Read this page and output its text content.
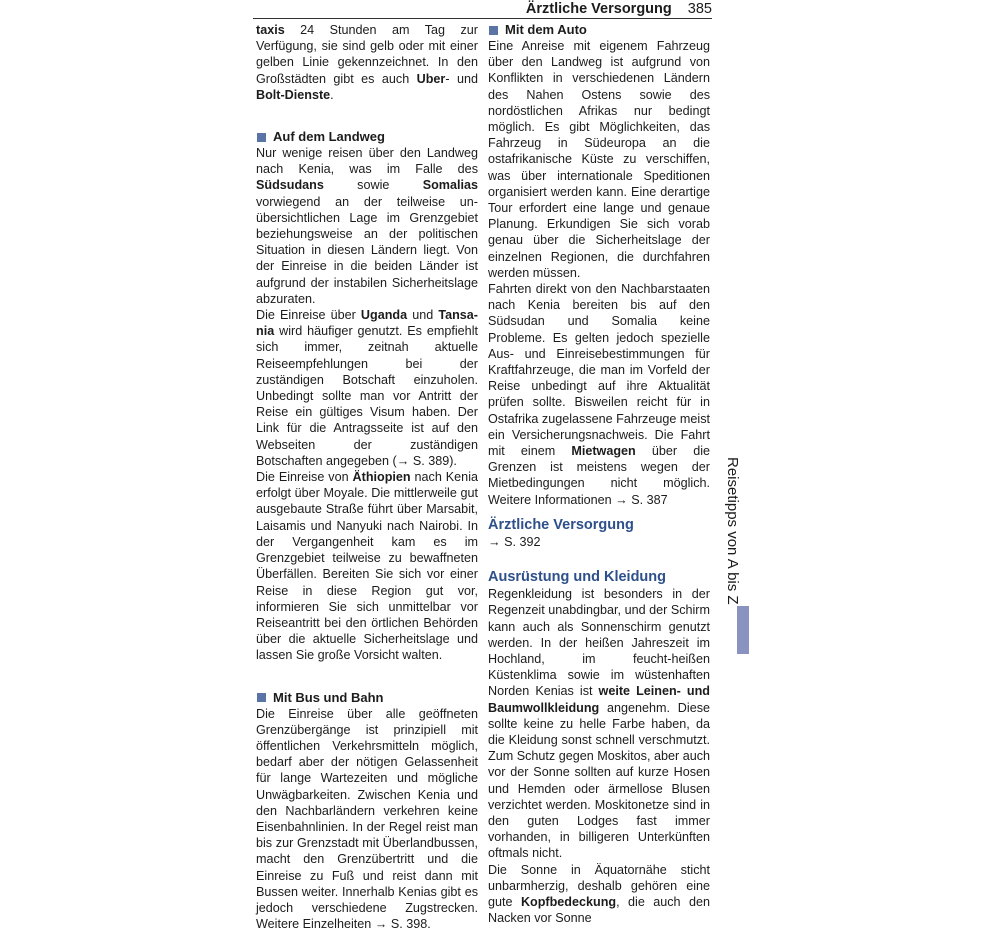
Ärztliche Versorgung 385

taxis 24 Stunden am Tag zur Verfügung, sie sind gelb oder mit einer gelben Linie gekennzeichnet. In den Großstädten gibt es auch Uber- und Bolt-Dienste.

Auf dem Landweg

Nur wenige reisen über den Landweg nach Kenia, was im Falle des Südsudans sowie Somalias vorwiegend an der teilweise unübersichtlichen Lage im Grenzgebiet beziehungsweise an der politischen Situation in diesen Ländern liegt. Von der Einreise in die beiden Länder ist aufgrund der instabilen Sicherheitslage abzuraten.

Die Einreise über Uganda und Tansania wird häufiger genutzt. Es empfiehlt sich immer, zeitnah aktuelle Reiseempfehlungen bei der zuständigen Botschaft einzuholen. Unbedingt sollte man vor Antritt der Reise ein gültiges Visum haben. Der Link für die Antragsseite ist auf den Webseiten der zuständigen Botschaften angegeben (→ S. 389).

Die Einreise von Äthiopien nach Kenia erfolgt über Moyale. Die mittlerweile gut ausgebaute Straße führt über Marsabit, Laisamis und Nanyuki nach Nairobi. In der Vergangenheit kam es im Grenzgebiet teilweise zu bewaffneten Überfällen. Bereiten Sie sich vor einer Reise in diese Region gut vor, informieren Sie sich unmittelbar vor Reiseantritt bei den örtlichen Behörden über die aktuelle Sicherheitslage und lassen Sie große Vorsicht walten.

Mit Bus und Bahn

Die Einreise über alle geöffneten Grenzübergänge ist prinzipiell mit öffentlichen Verkehrsmitteln möglich, bedarf aber der nötigen Gelassenheit für lange Wartezeiten und mögliche Unwägbarkeiten. Zwischen Kenia und den Nachbarländern verkehren keine Eisenbahnlinien. In der Regel reist man bis zur Grenzstadt mit Überlandbussen, macht den Grenzübertritt und die Einreise zu Fuß und reist dann mit Bussen weiter. Innerhalb Kenias gibt es jedoch verschiedene Zugstrecken. Weitere Einzelheiten → S. 398.

Mit dem Auto

Eine Anreise mit eigenem Fahrzeug über den Landweg ist aufgrund von Konflikten in verschiedenen Ländern des Nahen Ostens sowie des nordöstlichen Afrikas nur bedingt möglich. Es gibt Möglichkeiten, das Fahrzeug in Südeuropa an die ostafrikanische Küste zu verschiffen, was über internationale Speditionen organisiert werden kann. Eine derartige Tour erfordert eine lange und genaue Planung. Erkundigen Sie sich vorab genau über die Sicherheitslage der einzelnen Regionen, die durchfahren werden müssen.

Fahrten direkt von den Nachbarstaaten nach Kenia bereiten bis auf den Südsudan und Somalia keine Probleme. Es gelten jedoch spezielle Aus- und Einreisebestimmungen für Kraftfahrzeuge, die man im Vorfeld der Reise unbedingt auf ihre Aktualität prüfen sollte. Bisweilen reicht für in Ostafrika zugelassene Fahrzeuge meist ein Versicherungsnachweis. Die Fahrt mit einem Mietwagen über die Grenzen ist meistens wegen der Mietbedingungen nicht möglich. Weitere Informationen → S. 387

Ärztliche Versorgung

→ S. 392

Ausrüstung und Kleidung

Regenkleidung ist besonders in der Regenzeit unabdingbar, und der Schirm kann auch als Sonnenschirm genutzt werden. In der heißen Jahreszeit im Hochland, im feucht-heißen Küstenklima sowie im wüstenhaften Norden Kenias ist weite Leinen- und Baumwollkleidung angenehm. Diese sollte keine zu helle Farbe haben, da die Kleidung sonst schnell verschmutzt. Zum Schutz gegen Moskitos, aber auch vor der Sonne sollten auf kurze Hosen und Hemden oder ärmellose Blusen verzichtet werden. Moskitonetze sind in den guten Lodges fast immer vorhanden, in billigeren Unterkünften oftmals nicht.

Die Sonne in Äquatornähe sticht unbarmherzig, deshalb gehören eine gute Kopfbedeckung, die auch den Nacken vor Sonne

Reisetipps von A bis Z
